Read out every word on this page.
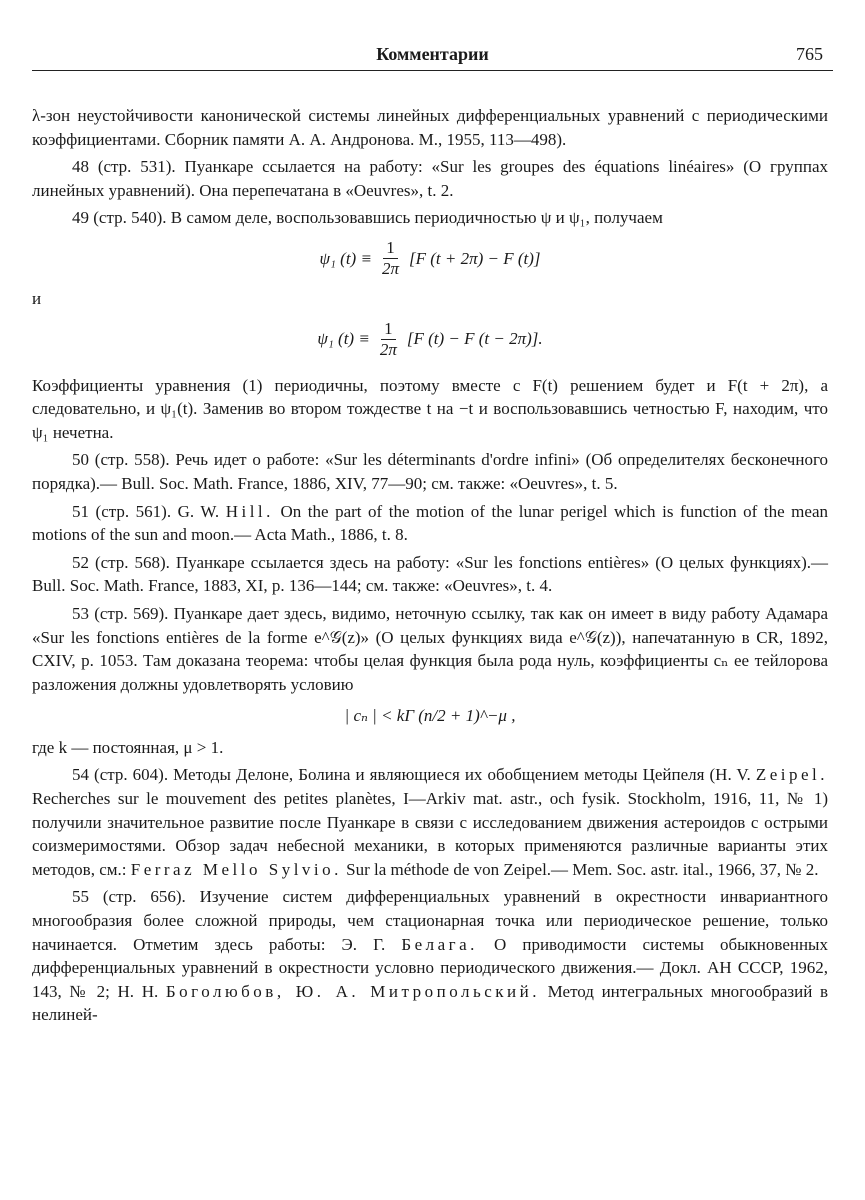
Комментарии	765

λ-зон неустойчивости канонической системы линейных дифференциальных уравнений с периодическими коэффициентами. Сборник памяти А. А. Андронова. М., 1955, 113—498).

48 (стр. 531). Пуанкаре ссылается на работу: «Sur les groupes des équations linéaires» (О группах линейных уравнений). Она перепечатана в «Oeuvres», t. 2.

49 (стр. 540). В самом деле, воспользовавшись периодичностью ψ и ψ₁, получаем

ψ₁ $(t) \equiv \frac{1}{2\pi} [F$ (t + 2π) − F (t)]

и

ψ₁ $(t) \equiv \frac{1}{2\pi} [F$ (t) − F (t − 2π)].

Коэффициенты уравнения (1) периодичны, поэтому вместе с F(t) решением будет и F(t + 2π), а следовательно, и ψ₁(t). Заменив во втором тождестве t на −t и воспользовавшись четностью F, находим, что ψ₁ нечетна.

50 (стр. 558). Речь идет о работе: «Sur les déterminants d'ordre infini» (Об определителях бесконечного порядка).— Bull. Soc. Math. France, 1886, XIV, 77—90; см. также: «Oeuvres», t. 5.

51 (стр. 561). G. W. Hill. On the part of the motion of the lunar perigel which is function of the mean motions of the sun and moon.— Acta Math., 1886, t. 8.

52 (стр. 568). Пуанкаре ссылается здесь на работу: «Sur les fonctions entières» (О целых функциях).— Bull. Soc. Math. France, 1883, XI, p. 136—144; см. также: «Oeuvres», t. 4.

53 (стр. 569). Пуанкаре дает здесь, видимо, неточную ссылку, так как он имеет в виду работу Адамара «Sur les fonctions entières de la forme e^𝒢(z)» (О целых функциях вида e^𝒢(z)), напечатанную в CR, 1892, CXIV, p. 1053. Там доказана теорема: чтобы целая функция была рода нуль, коэффициенты cₙ ее тейлорова разложения должны удовлетворять условию

| cₙ | < kΓ (n/2 + 1)^−μ ,

где k — постоянная, μ > 1.

54 (стр. 604). Методы Делоне, Болина и являющиеся их обобщением методы Цейпеля (H. V. Zeipel. Recherches sur le mouvement des petites planètes, I—Arkiv mat. astr., och fysik. Stockholm, 1916, 11, № 1) получили значительное развитие после Пуанкаре в связи с исследованием движения астероидов с острыми соизмеримостями. Обзор задач небесной механики, в которых применяются различные варианты этих методов, см.: Ferraz Mello Sylvio. Sur la méthode de von Zeipel.— Mem. Soc. astr. ital., 1966, 37, № 2.

55 (стр. 656). Изучение систем дифференциальных уравнений в окрестности инвариантного многообразия более сложной природы, чем стационарная точка или периодическое решение, только начинается. Отметим здесь работы: Э. Г. Белага. О приводимости системы обыкновенных дифференциальных уравнений в окрестности условно периодического движения.— Докл. АН СССР, 1962, 143, № 2; Н. Н. Боголюбов, Ю. А. Митропольский. Метод интегральных многообразий в нелиней-
